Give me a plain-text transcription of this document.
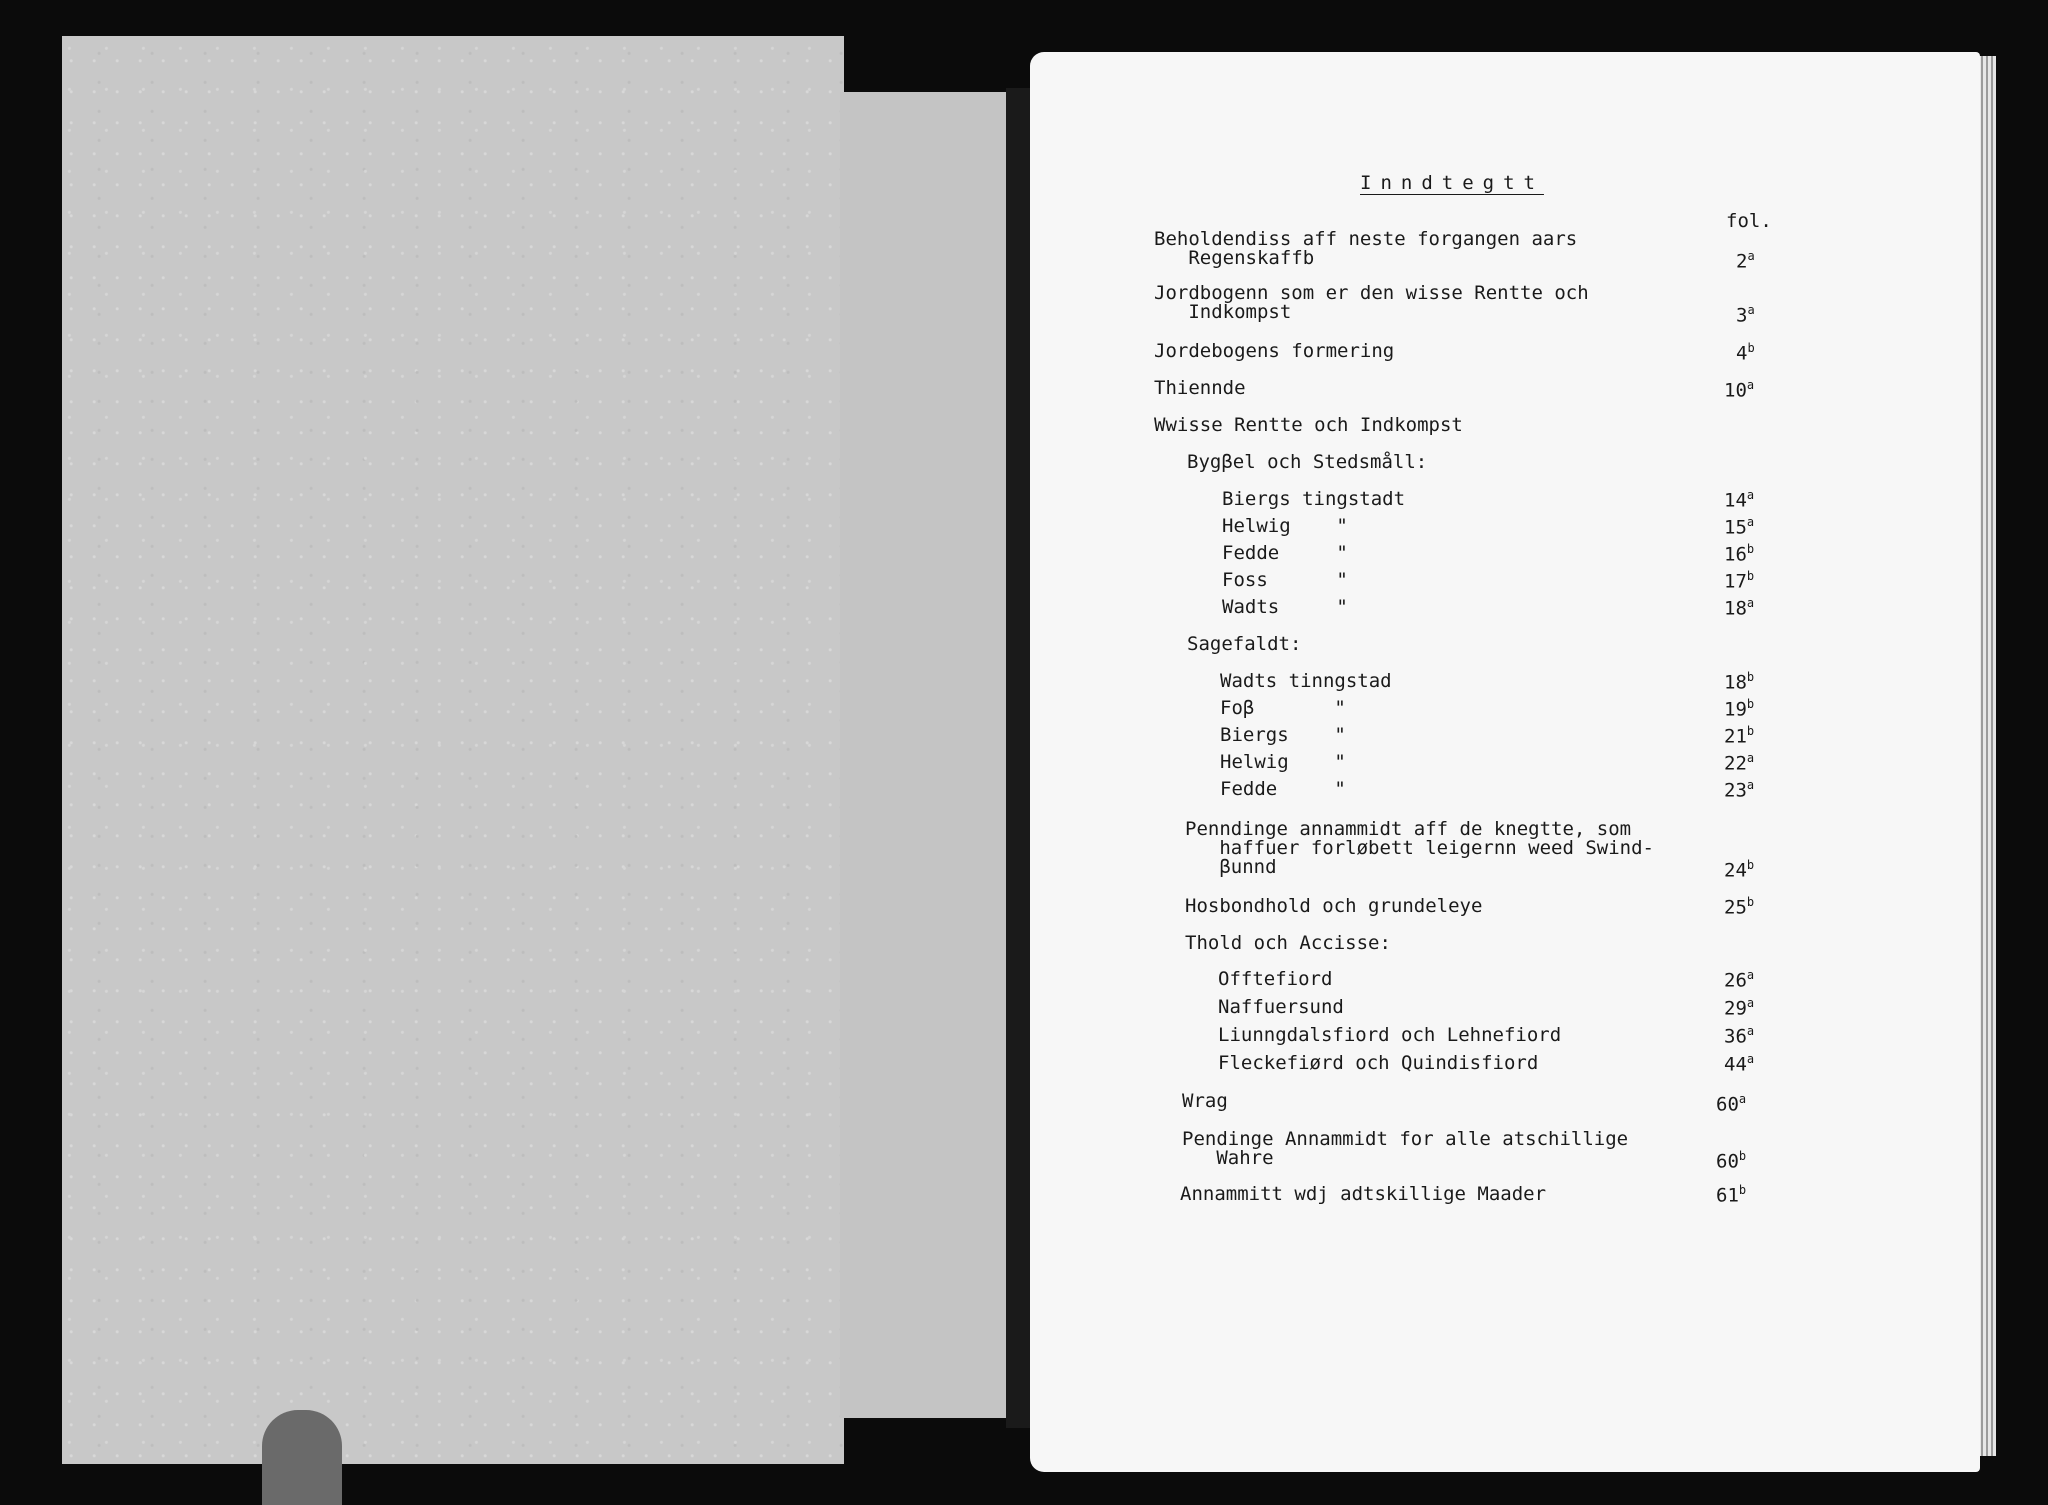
Inndtegtt
fol.
Beholdendiss aff neste forgangen aars
Regenskaffb	2$^a$
Jordbogenn som er den wisse Rentte och
Indkompst	3$^a$
Jordebogens formering	4$^b$
Thiennde	10$^a$
Wwisse Rentte och Indkompst
Bygβel och Stedsmåll:
Biergs tingstadt	14$^a$
Helwig    "	15$^a$
Fedde     "	16$^b$
Foss      "	17$^b$
Wadts     "	18$^a$
Sagefaldt:
Wadts tinngstad	18$^b$
Foβ       "	19$^b$
Biergs    "	21$^b$
Helwig    "	22$^a$
Fedde     "	23$^a$
Penndinge annammidt aff de knegtte, som
haffuer forløbett leigernn weed Swind-
βunnd	24$^b$
Hosbondhold och grundeleye	25$^b$
Thold och Accisse:
Offtefiord	26$^a$
Naffuersund	29$^a$
Liunngdalsfiord och Lehnefiord	36$^a$
Fleckefiørd och Quindisfiord	44$^a$
Wrag	60$^a$
Pendinge Annammidt for alle atschillige
Wahre	60$^b$
Annammitt wdj adtskillige Maader	61$^b$
